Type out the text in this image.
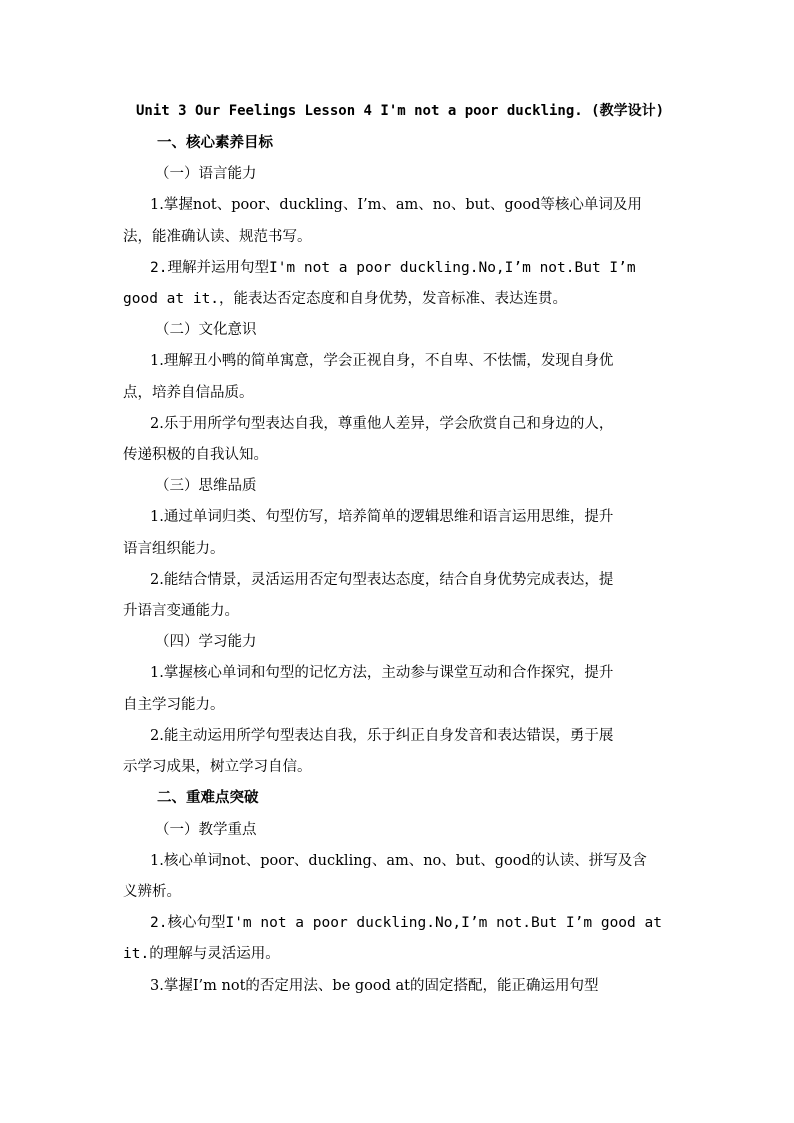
Unit 3 Our Feelings Lesson 4 I'm not a poor duckling. (教学设计)
一、核心素养目标
（一）语言能力
1.掌握not、poor、duckling、I’m、am、no、but、good等核心单词及用
法，能准确认读、规范书写。
2.理解并运用句型I'm not a poor duckling.No,I’m not.But I’m
good at it.，能表达否定态度和自身优势，发音标准、表达连贯。
（二）文化意识
1.理解丑小鸭的简单寓意，学会正视自身，不自卑、不怯懦，发现自身优
点，培养自信品质。
2.乐于用所学句型表达自我，尊重他人差异，学会欣赏自己和身边的人，
传递积极的自我认知。
（三）思维品质
1.通过单词归类、句型仿写，培养简单的逻辑思维和语言运用思维，提升
语言组织能力。
2.能结合情景，灵活运用否定句型表达态度，结合自身优势完成表达，提
升语言变通能力。
（四）学习能力
1.掌握核心单词和句型的记忆方法，主动参与课堂互动和合作探究，提升
自主学习能力。
2.能主动运用所学句型表达自我，乐于纠正自身发音和表达错误，勇于展
示学习成果，树立学习自信。
二、重难点突破
（一）教学重点
1.核心单词not、poor、duckling、am、no、but、good的认读、拼写及含
义辨析。
2.核心句型I'm not a poor duckling.No,I’m not.But I’m good at
it.的理解与灵活运用。
3.掌握I’m not的否定用法、be good at的固定搭配，能正确运用句型
